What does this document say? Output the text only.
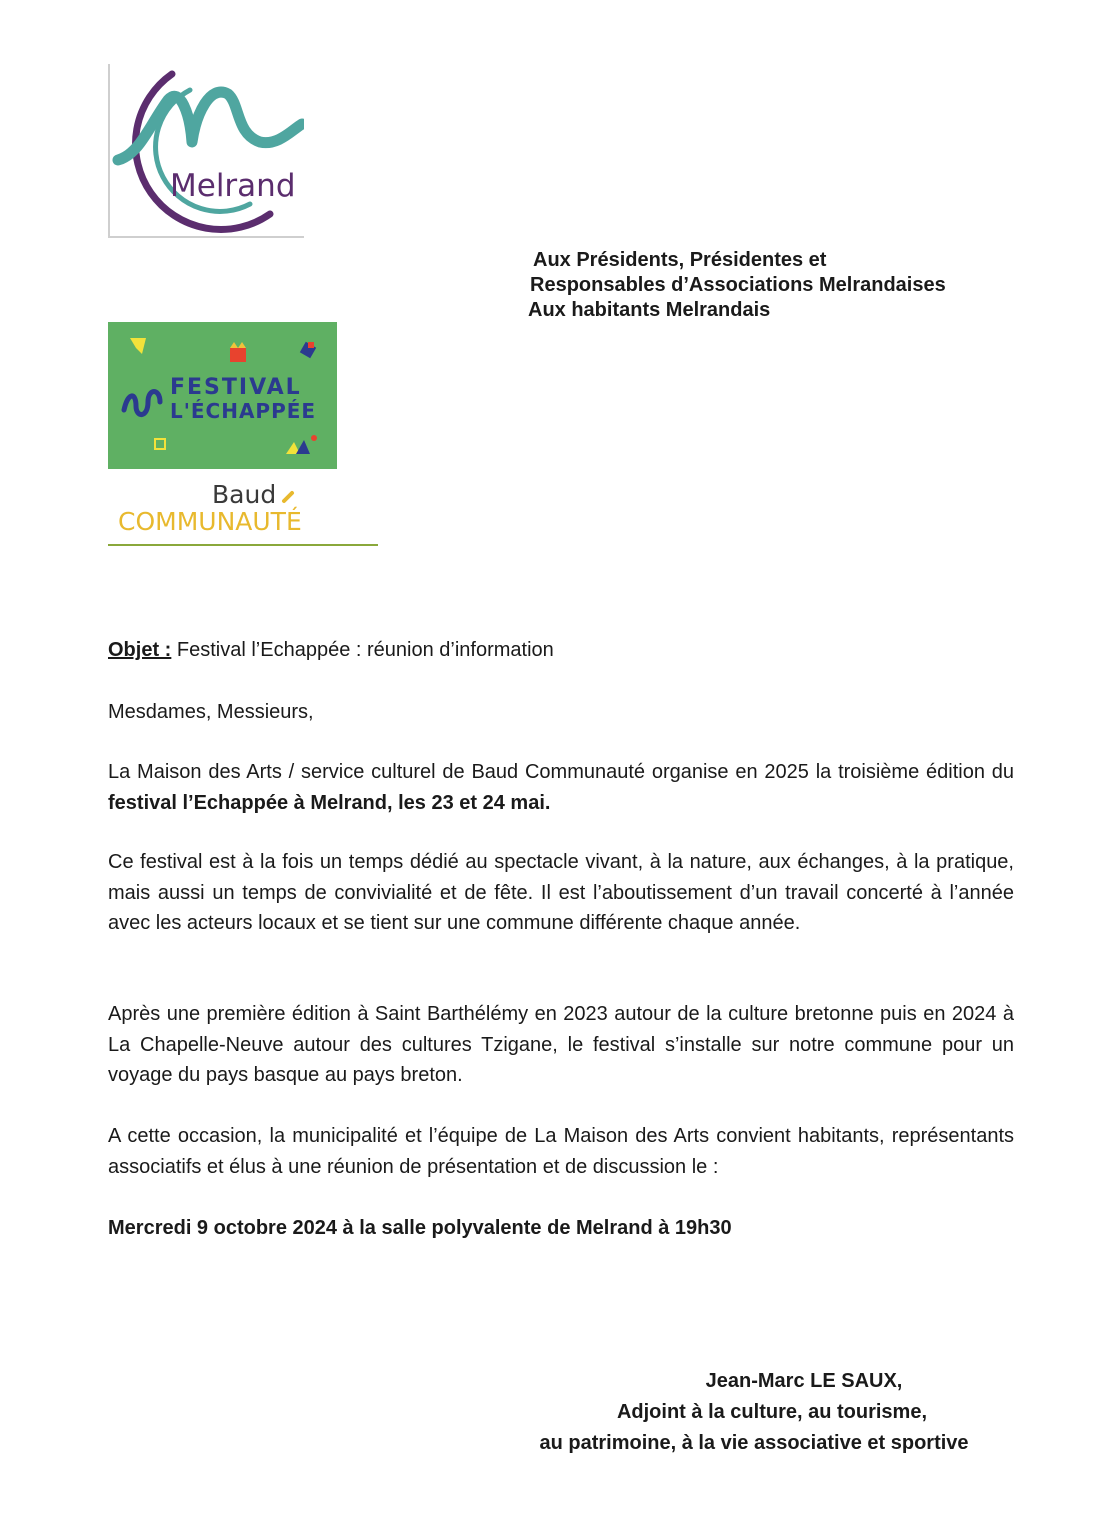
Melrand
Aux Présidents, Présidentes et
Responsables d’Associations Melrandaises
Aux habitants Melrandais
FESTIVAL
L'ÉCHAPPÉE
Baud
COMMUNAUTÉ
Objet : Festival l’Echappée : réunion d’information
Mesdames, Messieurs,
La Maison des Arts / service culturel de Baud Communauté organise en 2025 la troisième édition du festival l’Echappée à Melrand, les 23 et 24 mai.
Ce festival est à la fois un temps dédié au spectacle vivant, à la nature, aux échanges, à la pratique, mais aussi un temps de convivialité et de fête. Il est l’aboutissement d’un travail concerté à l’année avec les acteurs locaux et se tient sur une commune différente chaque année.
Après une première édition à Saint Barthélémy en 2023 autour de la culture bretonne puis en 2024 à La Chapelle-Neuve autour des cultures Tzigane, le festival s’installe sur notre commune pour un voyage du pays basque au pays breton.
A cette occasion, la municipalité et l’équipe de La Maison des Arts convient habitants, représentants associatifs et élus à une réunion de présentation et de discussion le :
Mercredi 9 octobre 2024 à la salle polyvalente de Melrand à 19h30
Jean-Marc LE SAUX,
Adjoint à la culture, au tourisme,
au patrimoine, à la vie associative et sportive
